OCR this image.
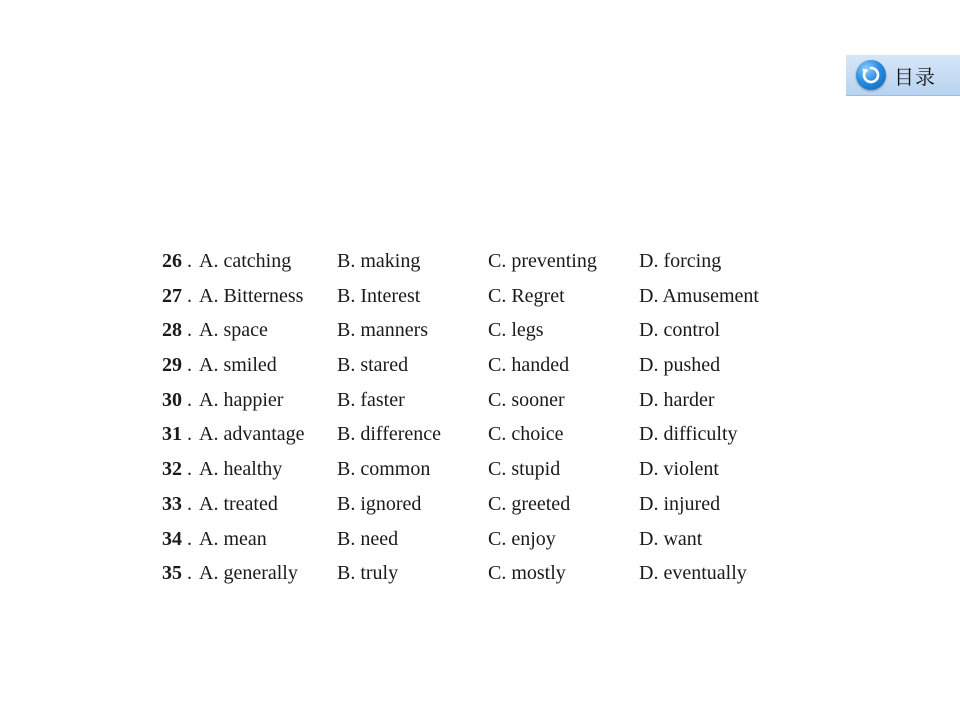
目录
26 . A. catching B. making	C. preventing D. forcing
27 . A. Bitterness B. Interest	C. Regret	D. Amusement
28 . A. space	B. manners	C. legs	D. control
29 . A. smiled	B. stared	C. handed	D. pushed
30 . A. happier	B. faster	C. sooner	D. harder
31 . A. advantage B. difference C. choice	D. difficulty
32 . A. healthy	B. common	C. stupid	D. violent
33 . A. treated	B. ignored	C. greeted	D. injured
34 . A. mean	B. need	C. enjoy	D. want
35 . A. generally B. truly	C. mostly	D. eventually
